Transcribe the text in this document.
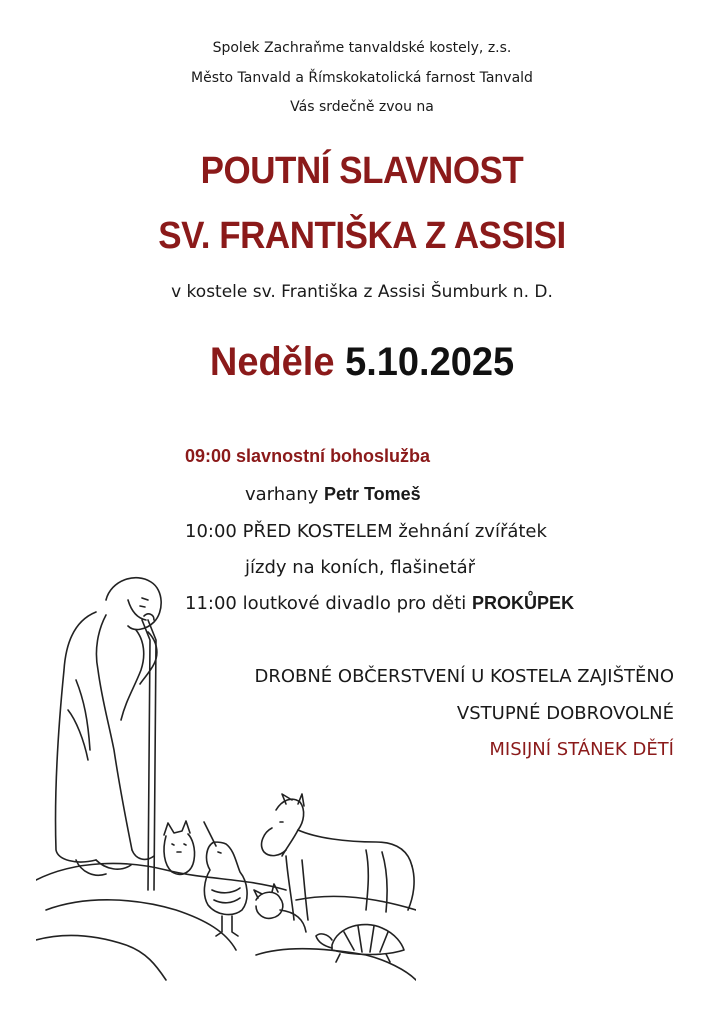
Spolek Zachraňme tanvaldské kostely, z.s.
Město Tanvald a Římskokatolická farnost Tanvald
Vás srdečně zvou na
POUTNÍ SLAVNOST
SV. FRANTIŠKA Z ASSISI
v kostele sv. Františka z Assisi Šumburk n. D.
Neděle 5.10.2025
09:00 slavnostní bohoslužba
varhany Petr Tomeš
10:00 PŘED KOSTELEM žehnání zvířátek
jízdy na koních, flašinetář
11:00 loutkové divadlo pro děti PROKŮPEK
DROBNÉ OBČERSTVENÍ U KOSTELA ZAJIŠTĚNO
VSTUPNÉ DOBROVOLNÉ
MISIJNÍ STÁNEK DĚTÍ
